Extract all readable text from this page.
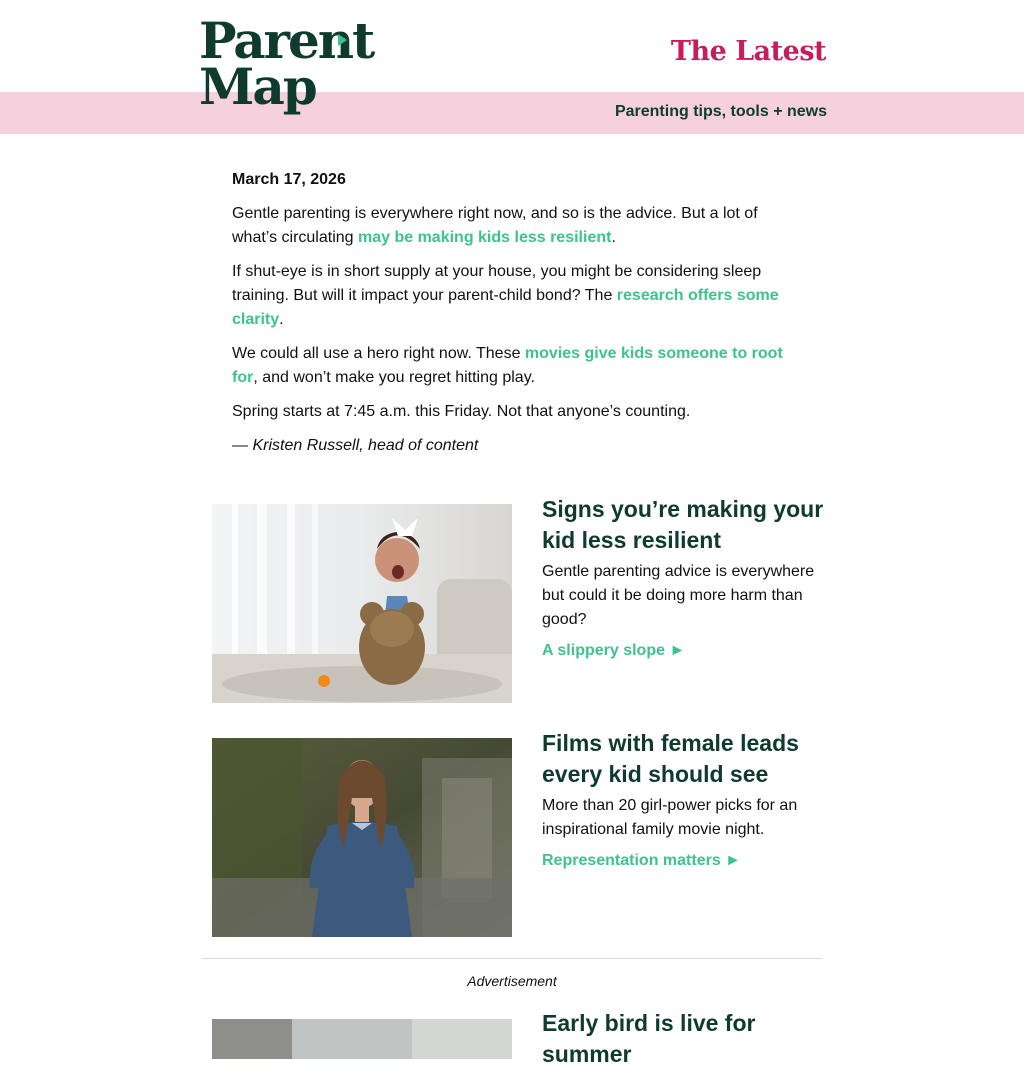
Parent
Map
The Latest
Parenting tips, tools + news

March 17, 2026

Gentle parenting is everywhere right now, and so is the advice. But a lot of what’s circulating may be making kids less resilient.

If shut-eye is in short supply at your house, you might be considering sleep training. But will it impact your parent-child bond? The research offers some clarity.

We could all use a hero right now. These movies give kids someone to root for, and won’t make you regret hitting play.

Spring starts at 7:45 a.m. this Friday. Not that anyone’s counting.

— Kristen Russell, head of content

Signs you’re making your kid less resilient

Gentle parenting advice is everywhere but could it be doing more harm than good?

A slippery slope ►
Films with female leads every kid should see

More than 20 girl-power picks for an inspirational family movie night.

Representation matters ►
Advertisement
Early bird is live for summer
